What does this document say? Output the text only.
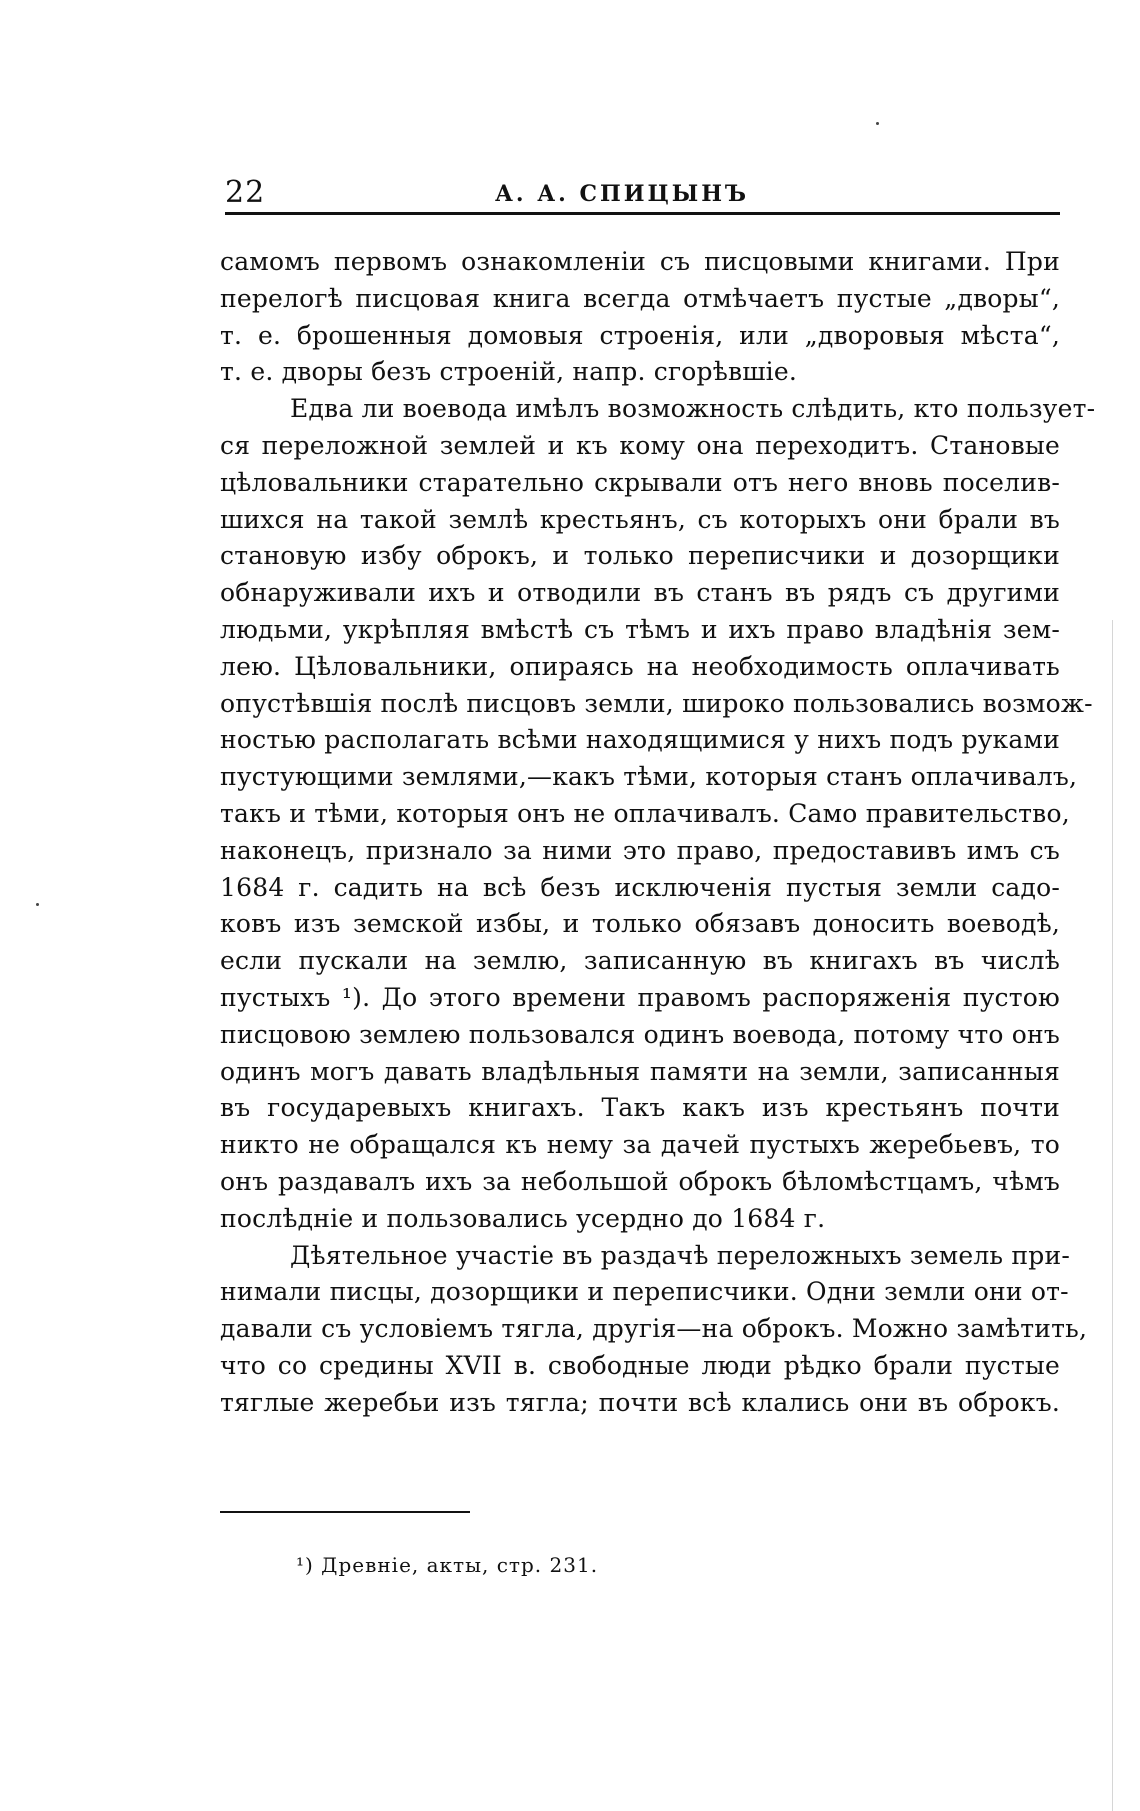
22	А. А. СПИЦЫНЪ
самомъ первомъ ознакомленіи съ писцовыми книгами. При
перелогѣ писцовая книга всегда отмѣчаетъ пустые „дворы“,
т. е. брошенныя домовыя строенія, или „дворовыя мѣста“,
т. е. дворы безъ строеній, напр. сгорѣвшіе.
Едва ли воевода имѣлъ возможность слѣдить, кто пользует-
ся переложной землей и къ кому она переходитъ. Становые
цѣловальники старательно скрывали отъ него вновь поселив-
шихся на такой землѣ крестьянъ, съ которыхъ они брали въ
становую избу оброкъ, и только переписчики и дозорщики
обнаруживали ихъ и отводили въ станъ въ рядъ съ другими
людьми, укрѣпляя вмѣстѣ съ тѣмъ и ихъ право владѣнія зем-
лею. Цѣловальники, опираясь на необходимость оплачивать
опустѣвшія послѣ писцовъ земли, широко пользовались возмож-
ностью располагать всѣми находящимися у нихъ подъ руками
пустующими землями,—какъ тѣми, которыя станъ оплачивалъ,
такъ и тѣми, которыя онъ не оплачивалъ. Само правительство,
наконецъ, признало за ними это право, предоставивъ имъ съ
1684 г. садить на всѣ безъ исключенія пустыя земли садо-
ковъ изъ земской избы, и только обязавъ доносить воеводѣ,
если пускали на землю, записанную въ книгахъ въ числѣ
пустыхъ ¹). До этого времени правомъ распоряженія пустою
писцовою землею пользовался одинъ воевода, потому что онъ
одинъ могъ давать владѣльныя памяти на земли, записанныя
въ государевыхъ книгахъ. Такъ какъ изъ крестьянъ почти
никто не обращался къ нему за дачей пустыхъ жеребьевъ, то
онъ раздавалъ ихъ за небольшой оброкъ бѣломѣстцамъ, чѣмъ
послѣдніе и пользовались усердно до 1684 г.
Дѣятельное участіе въ раздачѣ переложныхъ земель при-
нимали писцы, дозорщики и переписчики. Одни земли они от-
давали съ условіемъ тягла, другія—на оброкъ. Можно замѣтить,
что со средины XVII в. свободные люди рѣдко брали пустые
тяглые жеребьи изъ тягла; почти всѣ клались они въ оброкъ.
¹) Древніе, акты, стр. 231.
